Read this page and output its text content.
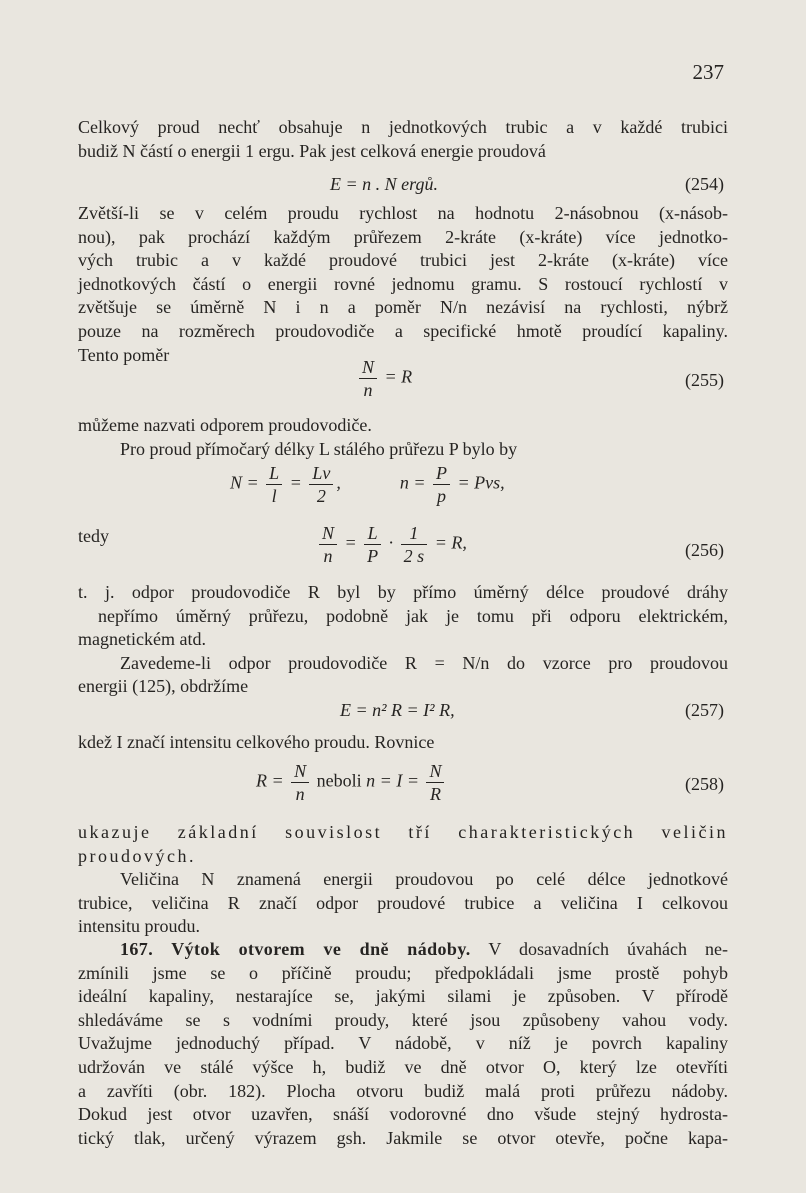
237

Celkový proud nechť obsahuje n jednotkových trubic a v každé trubici
budiž N částí o energii 1 ergu. Pak jest celková energie proudová

E = n . N ergů.	(254)

Zvětší-li se v celém proudu rychlost na hodnotu 2-násobnou (x-násob-
nou), pak prochází každým průřezem 2-kráte (x-kráte) více jednotko-
vých trubic a v každé proudové trubici jest 2-kráte (x-kráte) více
jednotkových částí o energii rovné jednomu gramu. S rostoucí rychlostí v
zvětšuje se úměrně N i n a poměr N/n nezávisí na rychlosti, nýbrž
pouze na rozměrech proudovodiče a specifické hmotě proudící kapaliny.
Tento poměr

$\frac{N}{n} = R$	(255)

můžeme nazvati odporem proudovodiče.
Pro proud přímočarý délky L stálého průřezu P bylo by

$N = \frac{L}{l} = \frac{Lv}{2}$ ,	$n = \frac{P}{p}$ = Pvs,
tedy	$\frac{N}{n} = \frac{L}{P} \cdot \frac{1}{2 s} = R$,	(256)

t. j. odpor proudovodiče R byl by přímo úměrný délce proudové dráhy
nepřímo úměrný průřezu, podobně jak je tomu při odporu elektrickém,
magnetickém atd.
Zavedeme-li odpor proudovodiče R = N/n do vzorce pro proudovou
energii (125), obdržíme

E = n² R = I² R,	(257)

kdež I značí intensitu celkového proudu. Rovnice

$R = \frac{N}{n}$ neboli $n = I = \frac{N}{R}$	(258)

ukazuje základní souvislost tří charakteristických veličin
proudových.
Veličina N znamená energii proudovou po celé délce jednotkové
trubice, veličina R značí odpor proudové trubice a veličina I celkovou
intensitu proudu.

167. Výtok otvorem ve dně nádoby. V dosavadních úvahách ne-
zmínili jsme se o příčině proudu; předpokládali jsme prostě pohyb
ideální kapaliny, nestarajíce se, jakými silami je způsoben. V přírodě
shledáváme se s vodními proudy, které jsou způsobeny vahou vody.
Uvažujme jednoduchý případ. V nádobě, v níž je povrch kapaliny
udržován ve stálé výšce h, budiž ve dně otvor O, který lze otevříti
a zavříti (obr. 182). Plocha otvoru budiž malá proti průřezu nádoby.
Dokud jest otvor uzavřen, snáší vodorovné dno všude stejný hydrosta-
tický tlak, určený výrazem gsh. Jakmile se otvor otevře, počne kapa-
